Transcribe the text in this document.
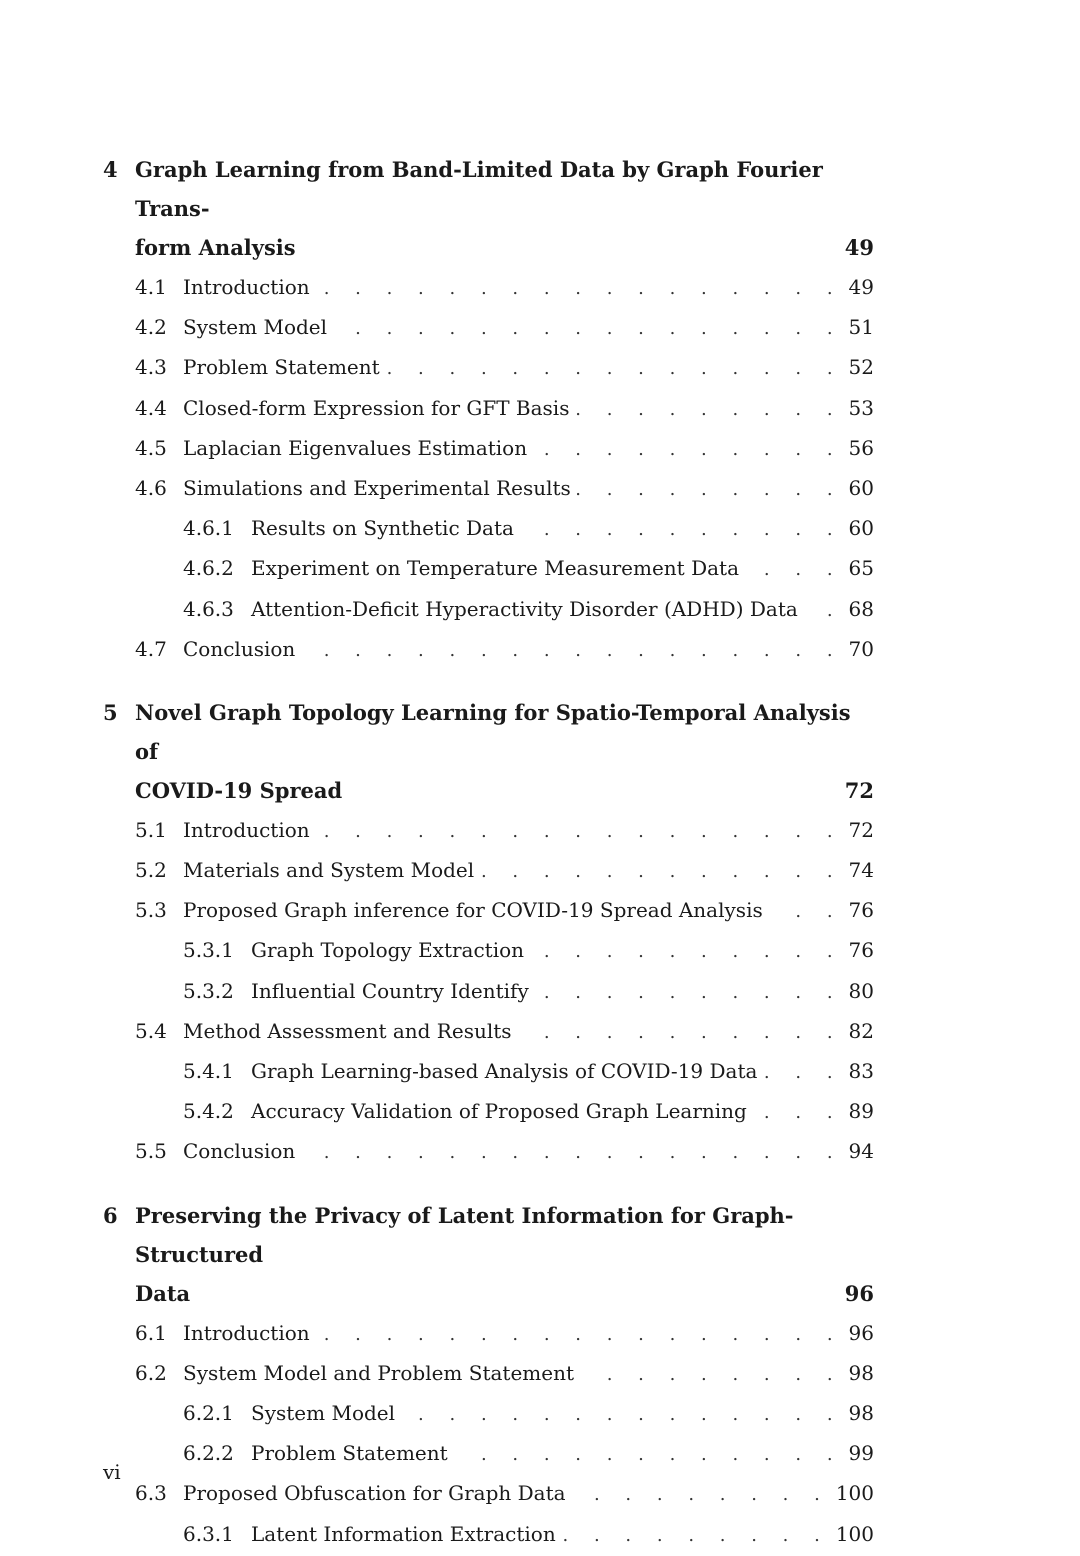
4 Graph Learning from Band-Limited Data by Graph Fourier Trans-
form Analysis	49
4.1 Introduction . . .	49
4.2 System Model . . .	51
4.3 Problem Statement . . .	52
4.4 Closed-form Expression for GFT Basis . . .	53
4.5 Laplacian Eigenvalues Estimation . . .	56
4.6 Simulations and Experimental Results . . .	60
4.6.1 Results on Synthetic Data . . .	60
4.6.2 Experiment on Temperature Measurement Data . . .	65
4.6.3 Attention-Deficit Hyperactivity Disorder (ADHD) Data . . .	68
4.7 Conclusion . . .	70
5 Novel Graph Topology Learning for Spatio-Temporal Analysis of
COVID-19 Spread	72
5.1 Introduction . . .	72
5.2 Materials and System Model . . .	74
5.3 Proposed Graph inference for COVID-19 Spread Analysis . . .	76
5.3.1 Graph Topology Extraction . . .	76
5.3.2 Influential Country Identify . . .	80
5.4 Method Assessment and Results . . .	82
5.4.1 Graph Learning-based Analysis of COVID-19 Data . . .	83
5.4.2 Accuracy Validation of Proposed Graph Learning . . .	89
5.5 Conclusion . . .	94
6 Preserving the Privacy of Latent Information for Graph-Structured
Data	96
6.1 Introduction . . .	96
6.2 System Model and Problem Statement . . .	98
6.2.1 System Model . . .	98
6.2.2 Problem Statement . . .	99
6.3 Proposed Obfuscation for Graph Data . . .	100
6.3.1 Latent Information Extraction . . .	100
vi
